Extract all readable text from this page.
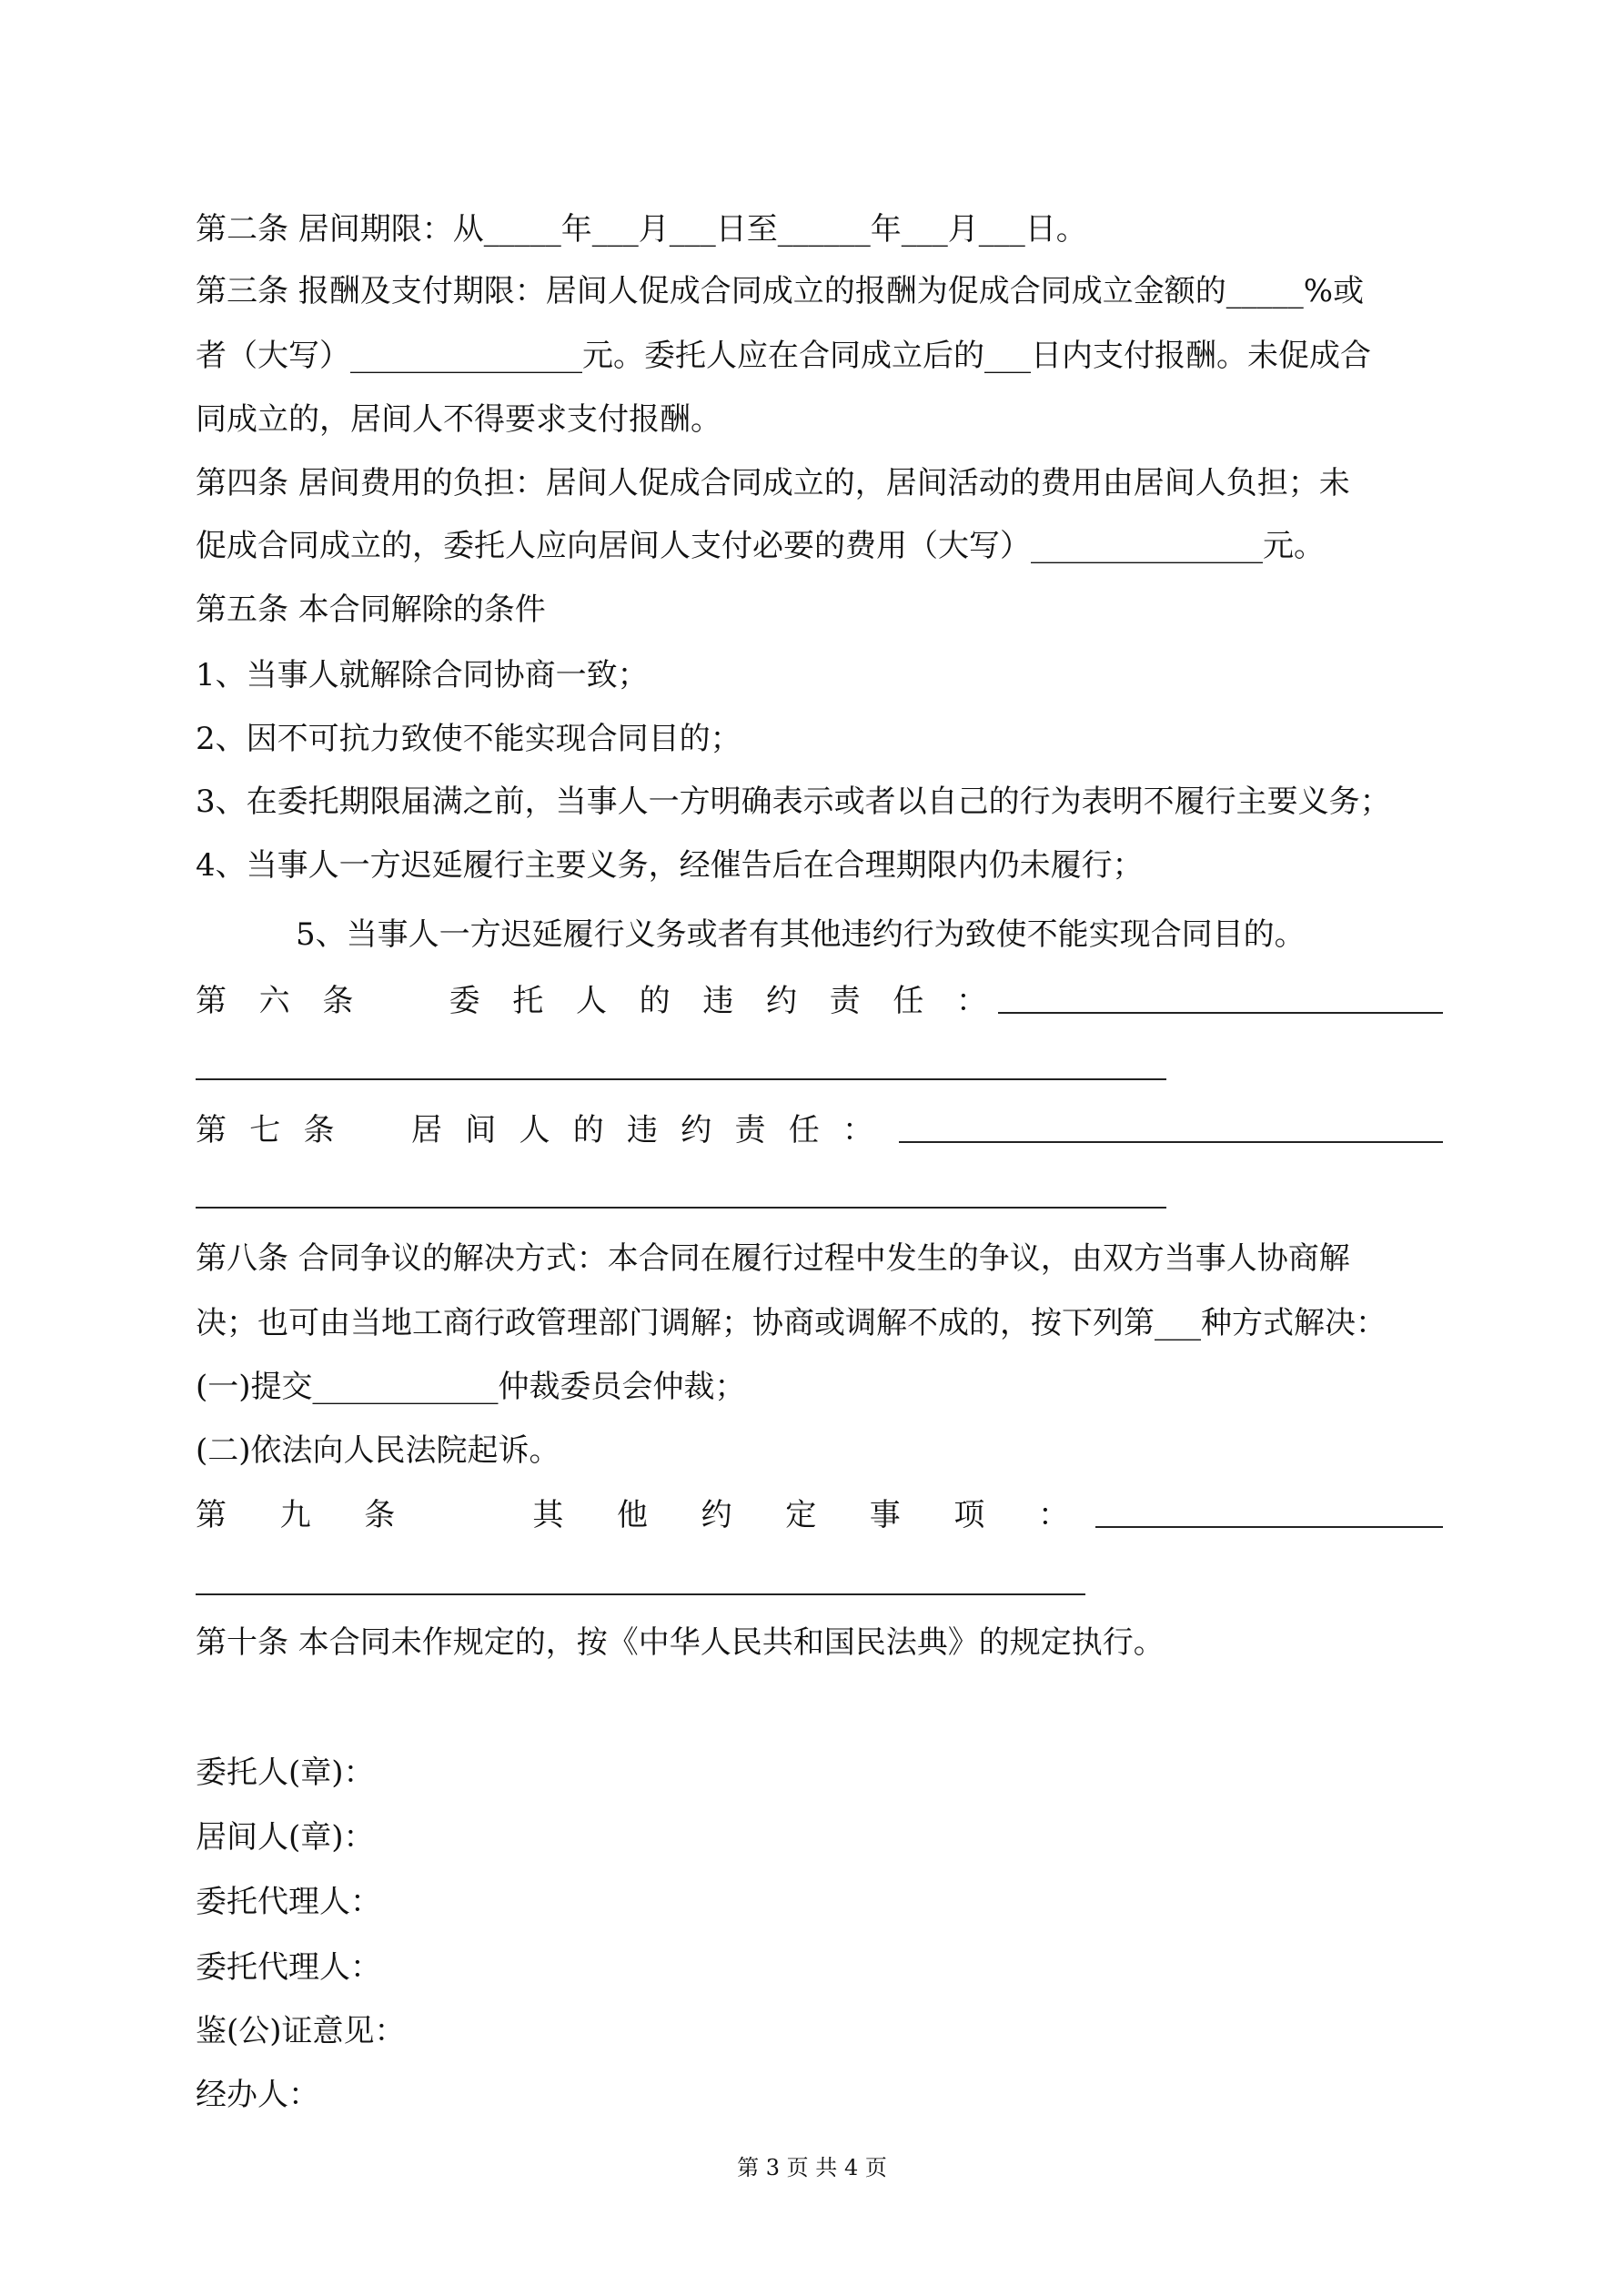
第二条 居间期限：从_____年___月___日至______年___月___日。
第三条 报酬及支付期限：居间人促成合同成立的报酬为促成合同成立金额的_____%或
者（大写）_______________元。委托人应在合同成立后的___日内支付报酬。未促成合
同成立的，居间人不得要求支付报酬。
第四条 居间费用的负担：居间人促成合同成立的，居间活动的费用由居间人负担；未
促成合同成立的，委托人应向居间人支付必要的费用（大写）_______________元。
第五条 本合同解除的条件
1、当事人就解除合同协商一致；
2、因不可抗力致使不能实现合同目的；
3、在委托期限届满之前，当事人一方明确表示或者以自己的行为表明不履行主要义务；
4、当事人一方迟延履行主要义务，经催告后在合理期限内仍未履行；
5、当事人一方迟延履行义务或者有其他违约行为致使不能实现合同目的。
第六条　委托人的违约责任：
第七条　居间人的违约责任：
第八条 合同争议的解决方式：本合同在履行过程中发生的争议，由双方当事人协商解
决；也可由当地工商行政管理部门调解；协商或调解不成的，按下列第___种方式解决：
(一)提交____________仲裁委员会仲裁；
(二)依法向人民法院起诉。
第九条　其他约定事项：
第十条 本合同未作规定的，按《中华人民共和国民法典》的规定执行。
委托人(章)：
居间人(章)：
委托代理人：
委托代理人：
鉴(公)证意见：
经办人：
第 3 页 共 4 页
